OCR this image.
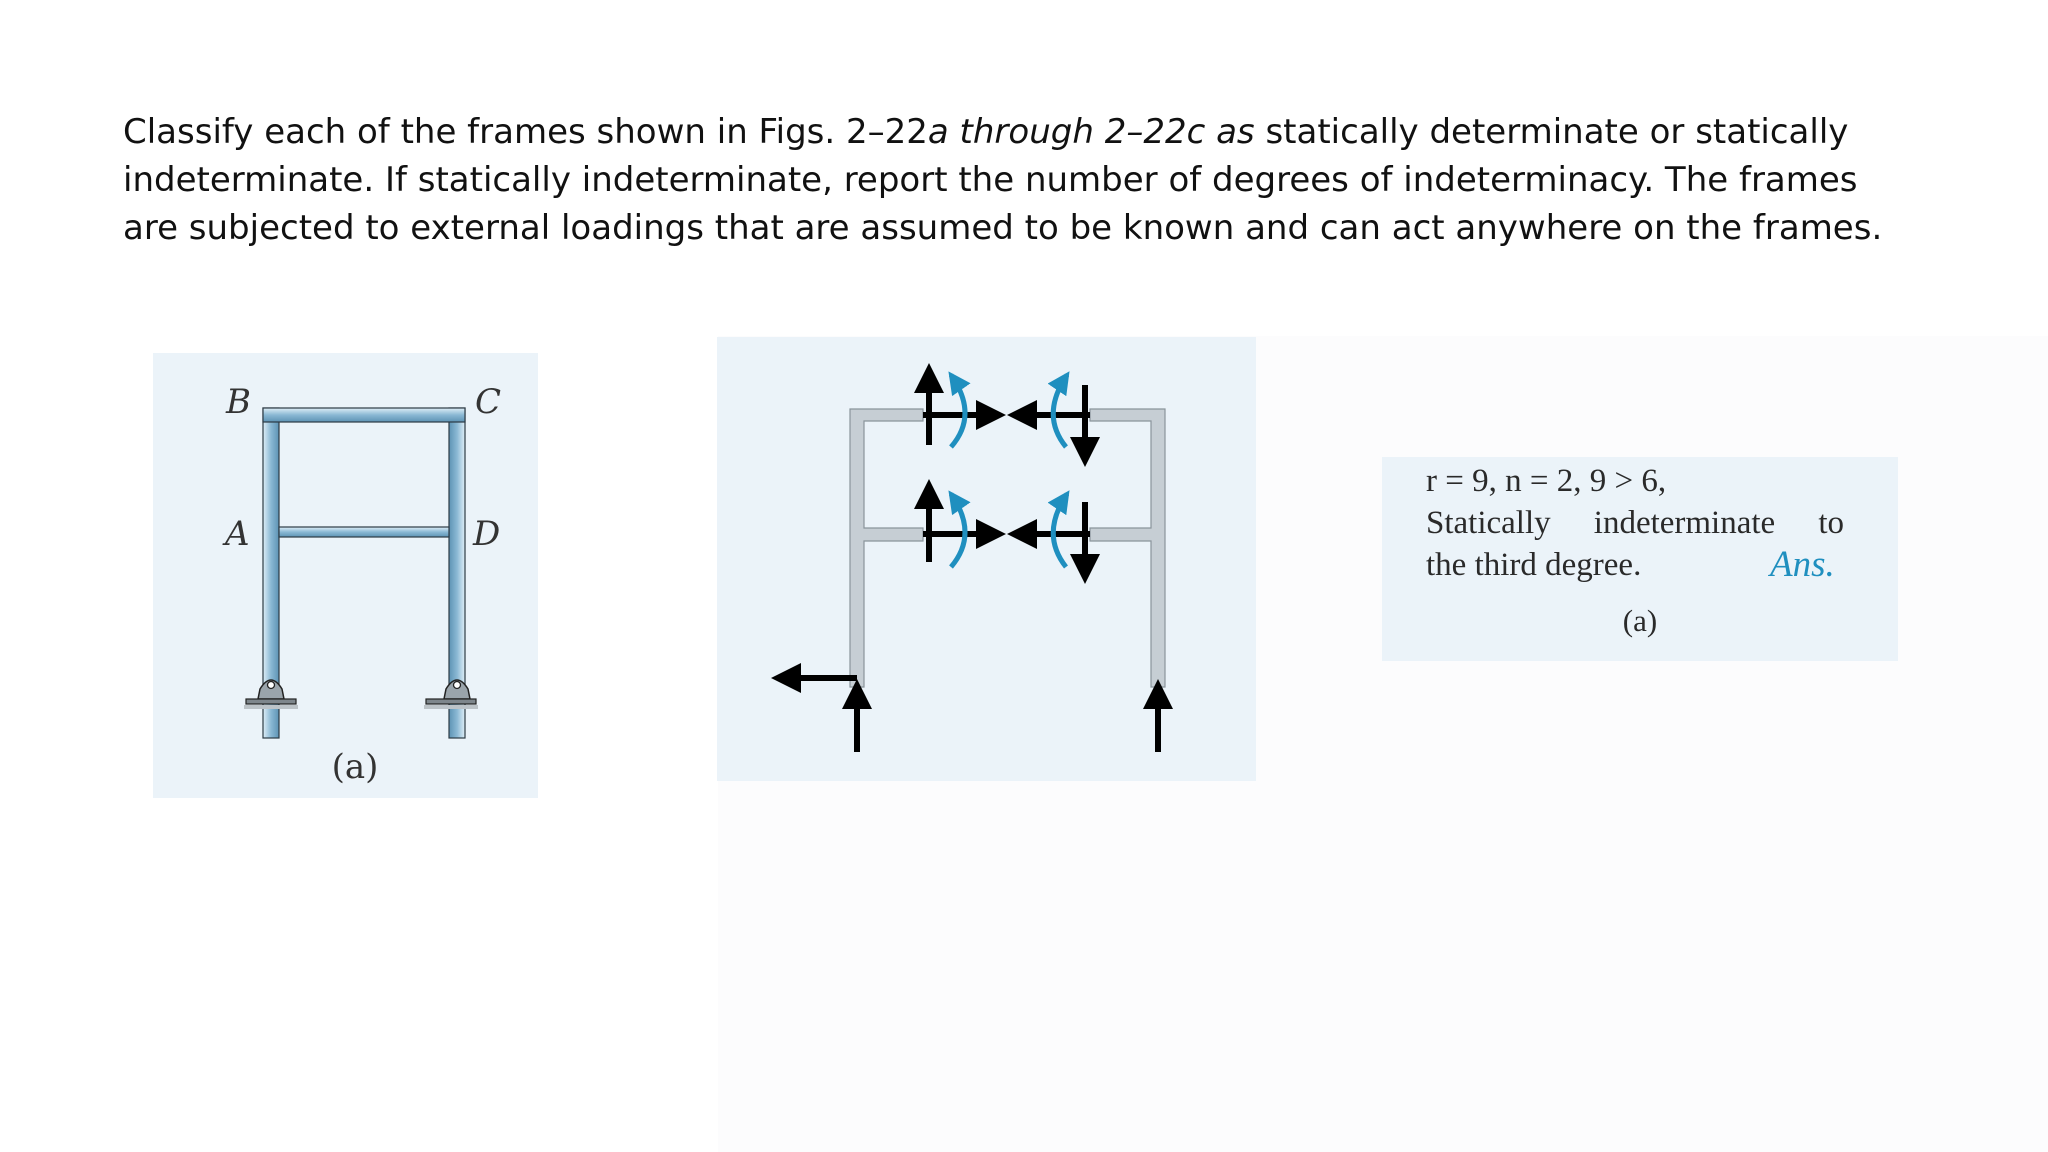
Classify each of the frames shown in Figs. 2–22a through 2–22c as statically determinate or statically indeterminate. If statically indeterminate, report the number of degrees of indeterminacy. The frames are subjected to external loadings that are assumed to be known and can act anywhere on the frames.

B	C
A	D
(a)
r = 9, n = 2, 9 > 6,
Statically indeterminate to
the third degree.	Ans.
(a)
